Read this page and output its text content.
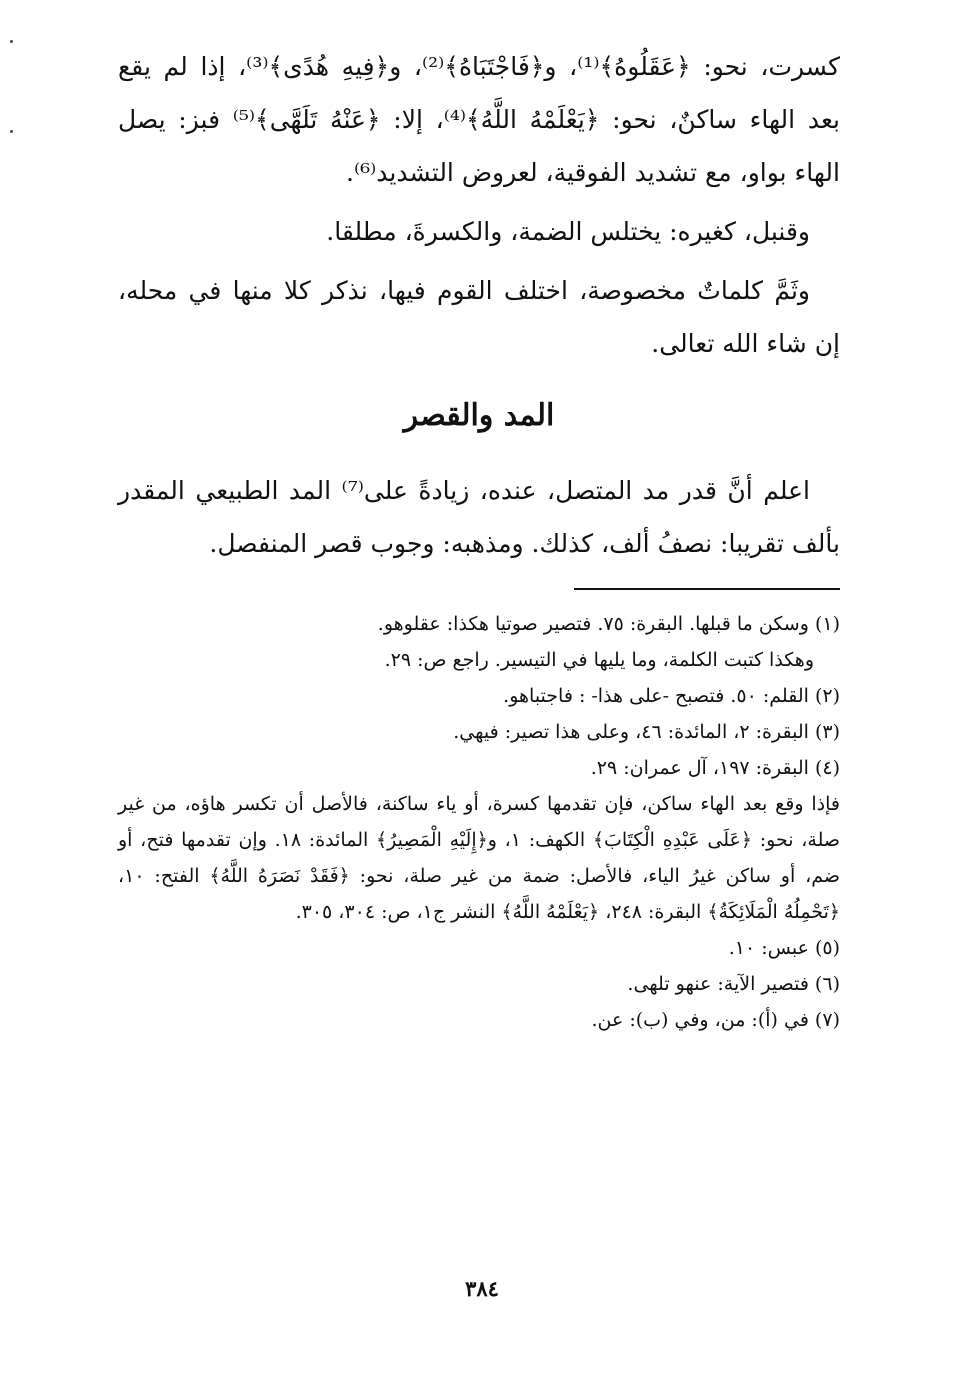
كسرت، نحو: ﴿عَقَلُوهُ﴾⁽¹⁾، و﴿فَاجْتَبَاهُ﴾⁽²⁾، و﴿فِيهِ هُدًى﴾⁽³⁾، إذا لم يقع بعد الهاء ساكنٌ، نحو: ﴿يَعْلَمْهُ اللَّهُ﴾⁽⁴⁾، إلا: ﴿عَنْهُ تَلَهَّى﴾⁽⁵⁾ فبز: يصل الهاء بواو، مع تشديد الفوقية، لعروض التشديد⁽⁶⁾.

وقنبل، كغيره: يختلس الضمة، والكسرةَ، مطلقا.

وثَمَّ كلماتٌ مخصوصة، اختلف القوم فيها، نذكر كلا منها في محله، إن شاء الله تعالى.

المد والقصر

اعلم أنَّ قدر مد المتصل، عنده، زيادةً على⁽⁷⁾ المد الطبيعي المقدر بألف تقريبا: نصفُ ألف، كذلك. ومذهبه: وجوب قصر المنفصل.

(١) وسكن ما قبلها. البقرة: ٧٥. فتصير صوتيا هكذا: عقلوهو.

وهكذا كتبت الكلمة، وما يليها في التيسير. راجع ص: ٢٩.

(٢) القلم: ٥٠. فتصبح -على هذا- : فاجتباهو.

(٣) البقرة: ٢، المائدة: ٤٦، وعلى هذا تصير: فيهي.

(٤) البقرة: ١٩٧، آل عمران: ٢٩.

فإذا وقع بعد الهاء ساكن، فإن تقدمها كسرة، أو ياء ساكنة، فالأصل أن تكسر هاؤه، من غير صلة، نحو: ﴿عَلَى عَبْدِهِ الْكِتَابَ﴾ الكهف: ١، و﴿إِلَيْهِ الْمَصِيرُ﴾ المائدة: ١٨. وإن تقدمها فتح، أو ضم، أو ساكن غيرُ الياء، فالأصل: ضمة من غير صلة، نحو: ﴿فَقَدْ نَصَرَهُ اللَّهُ﴾ الفتح: ١٠، ﴿تَحْمِلُهُ الْمَلَائِكَةُ﴾ البقرة: ٢٤٨، ﴿يَعْلَمْهُ اللَّهُ﴾ النشر ج١، ص: ٣٠٤، ٣٠٥.

(٥) عبس: ١٠.

(٦) فتصير الآية: عنهو تلهى.

(٧) في (أ): من، وفي (ب): عن.

٣٨٤
